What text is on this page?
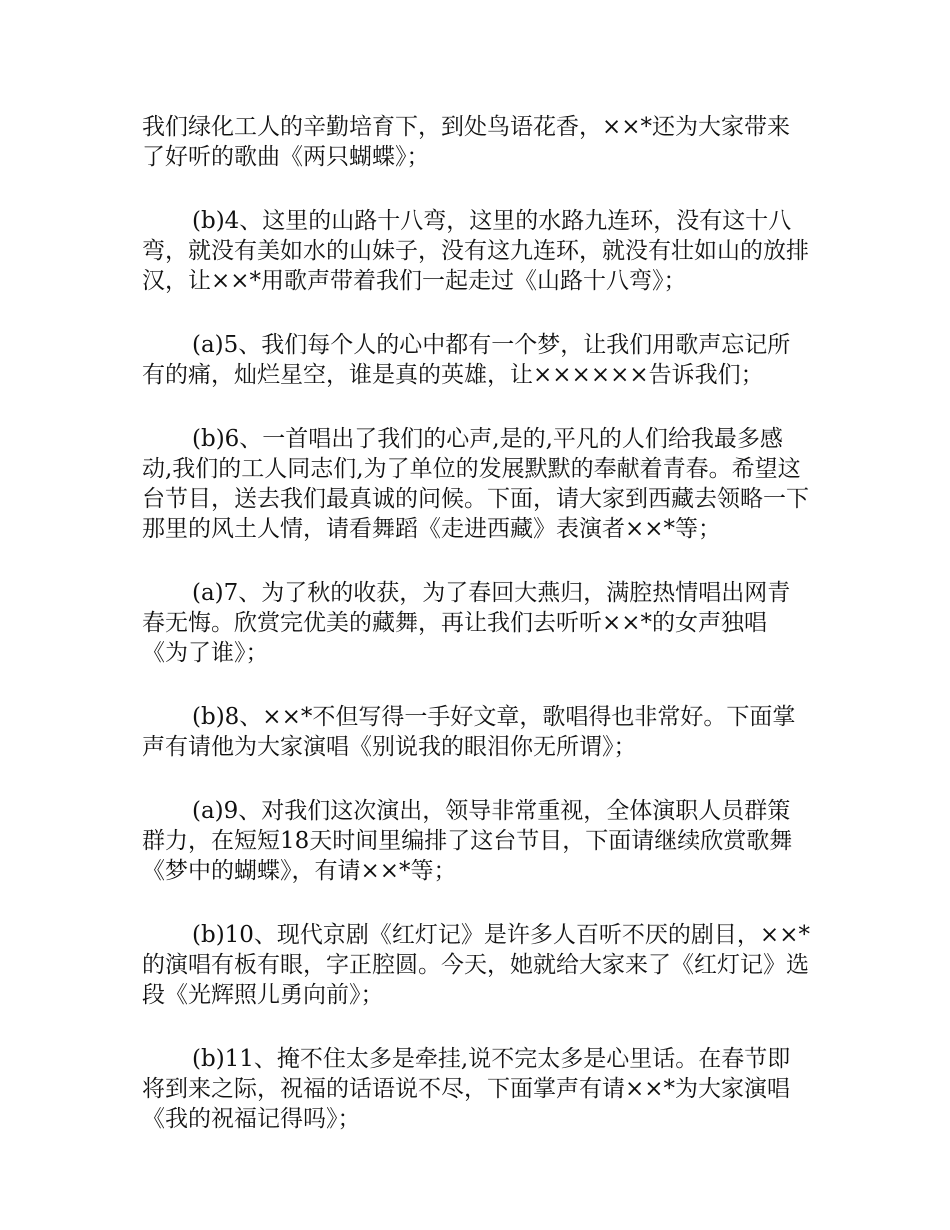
我们绿化工人的辛勤培育下，到处鸟语花香，××*还为大家带来了好听的歌曲《两只蝴蝶》；

(b)4、这里的山路十八弯，这里的水路九连环，没有这十八弯，就没有美如水的山妹子，没有这九连环，就没有壮如山的放排汉，让××*用歌声带着我们一起走过《山路十八弯》；

(a)5、我们每个人的心中都有一个梦，让我们用歌声忘记所有的痛，灿烂星空，谁是真的英雄，让××××××告诉我们；

(b)6、一首唱出了我们的心声,是的,平凡的人们给我最多感动,我们的工人同志们,为了单位的发展默默的奉献着青春。希望这台节目，送去我们最真诚的问候。下面，请大家到西藏去领略一下那里的风土人情，请看舞蹈《走进西藏》表演者××*等；

(a)7、为了秋的收获，为了春回大燕归，满腔热情唱出网青春无悔。欣赏完优美的藏舞，再让我们去听听××*的女声独唱《为了谁》；

(b)8、××*不但写得一手好文章，歌唱得也非常好。下面掌声有请他为大家演唱《别说我的眼泪你无所谓》；

(a)9、对我们这次演出，领导非常重视，全体演职人员群策群力，在短短18天时间里编排了这台节目，下面请继续欣赏歌舞《梦中的蝴蝶》，有请××*等；

(b)10、现代京剧《红灯记》是许多人百听不厌的剧目，××*的演唱有板有眼，字正腔圆。今天，她就给大家来了《红灯记》选段《光辉照儿勇向前》；

(b)11、掩不住太多是牵挂,说不完太多是心里话。在春节即将到来之际，祝福的话语说不尽，下面掌声有请××*为大家演唱《我的祝福记得吗》；
